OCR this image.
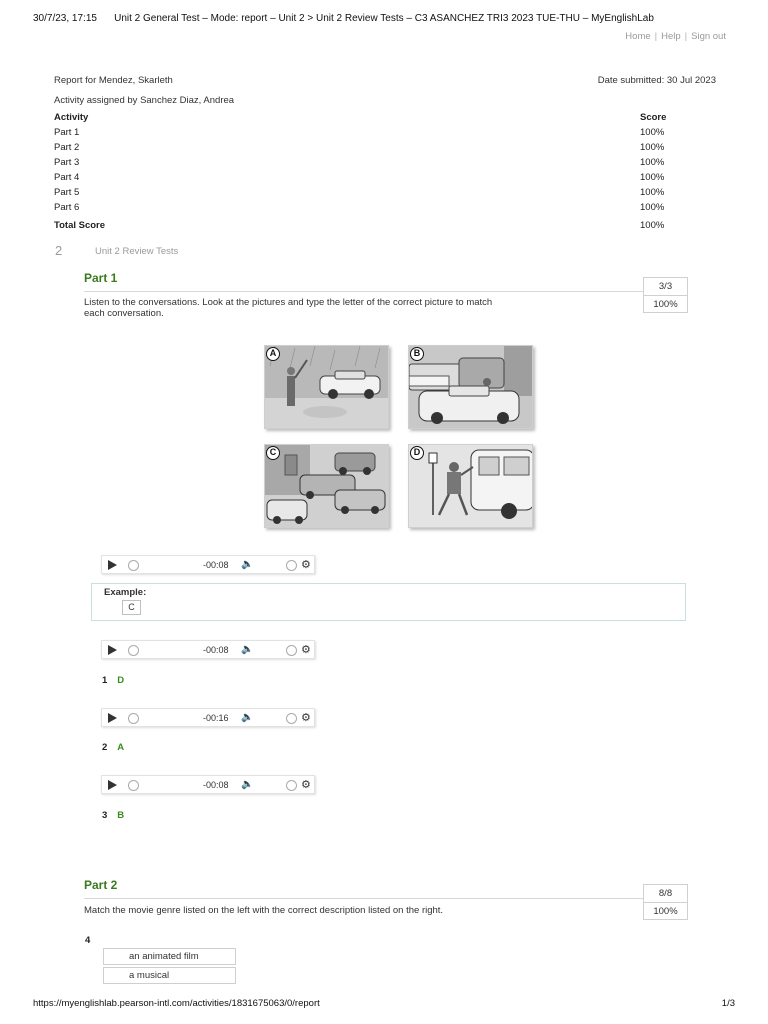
30/7/23, 17:15	Unit 2 General Test – Mode: report – Unit 2 > Unit 2 Review Tests – C3 ASANCHEZ TRI3 2023 TUE-THU – MyEnglishLab
Home | Help | Sign out
Report for Mendez, Skarleth	Date submitted: 30 Jul 2023
Activity assigned by Sanchez Diaz, Andrea
Activity	Score
Part 1	100%
Part 2	100%
Part 3	100%
Part 4	100%
Part 5	100%
Part 6	100%
Total Score	100%
2	Unit 2 Review Tests
Part 1
3/3
100%
Listen to the conversations. Look at the pictures and type the letter of the correct picture to match
each conversation.
A	B
C	D
-00:08 🔈	⚙
Example:
C
-00:08 🔈	⚙
1 D
-00:16 🔈	⚙
2 A
-00:08 🔈	⚙
3 B
Part 2
8/8
100%
Match the movie genre listed on the left with the correct description listed on the right.
4
an animated film
a musical
https://myenglishlab.pearson-intl.com/activities/1831675063/0/report	1/3
